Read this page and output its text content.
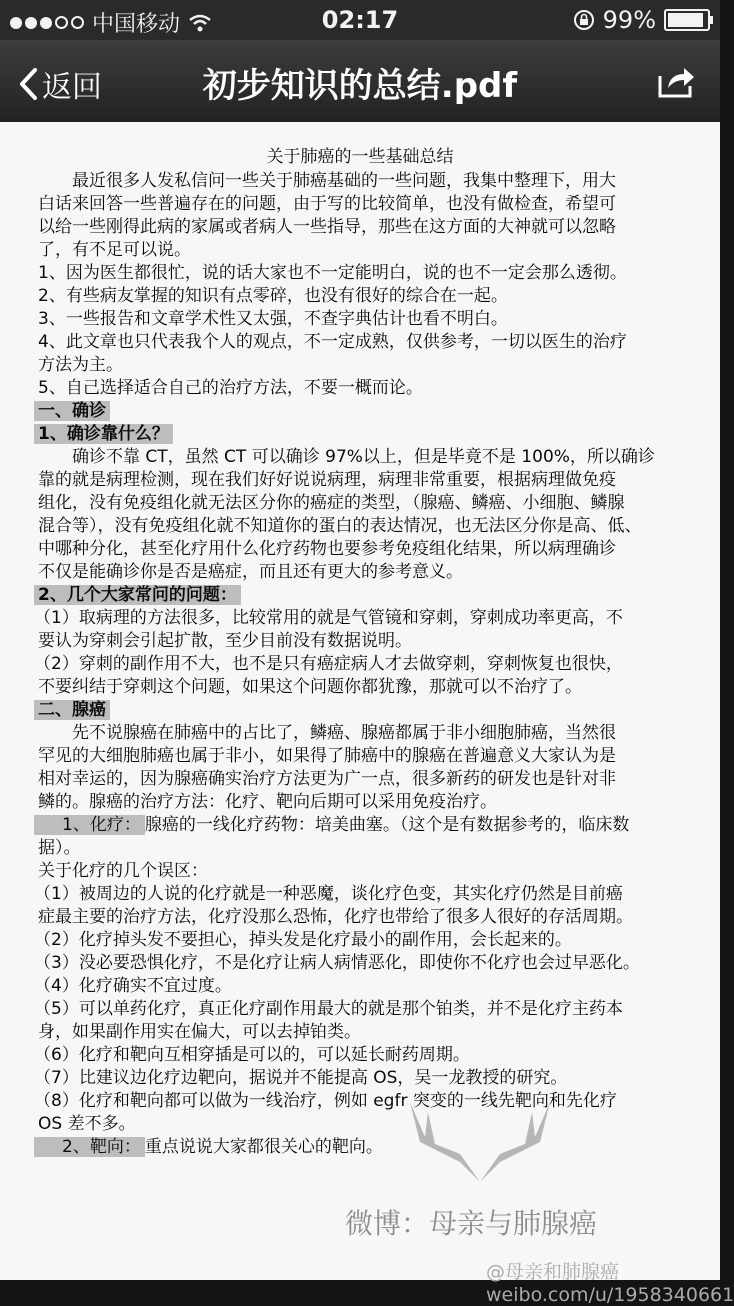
中国移动	02:17	99%
返回	初步知识的总结.pdf
关于肺癌的一些基础总结
最近很多人发私信问一些关于肺癌基础的一些问题，我集中整理下，用大
白话来回答一些普遍存在的问题，由于写的比较简单，也没有做检查，希望可
以给一些刚得此病的家属或者病人一些指导，那些在这方面的大神就可以忽略
了，有不足可以说。
1、因为医生都很忙，说的话大家也不一定能明白，说的也不一定会那么透彻。
2、有些病友掌握的知识有点零碎，也没有很好的综合在一起。
3、一些报告和文章学术性又太强，不查字典估计也看不明白。
4、此文章也只代表我个人的观点，不一定成熟，仅供参考，一切以医生的治疗
方法为主。
5、自己选择适合自己的治疗方法，不要一概而论。
一、确诊
1、确诊靠什么？
确诊不靠 CT，虽然 CT 可以确诊 97%以上，但是毕竟不是 100%，所以确诊
靠的就是病理检测，现在我们好好说说病理，病理非常重要，根据病理做免疫
组化，没有免疫组化就无法区分你的癌症的类型，（腺癌、鳞癌、小细胞、鳞腺
混合等），没有免疫组化就不知道你的蛋白的表达情况，也无法区分你是高、低、
中哪种分化，甚至化疗用什么化疗药物也要参考免疫组化结果，所以病理确诊
不仅是能确诊你是否是癌症，而且还有更大的参考意义。
2、几个大家常问的问题：
（1）取病理的方法很多，比较常用的就是气管镜和穿刺，穿刺成功率更高，不
要认为穿刺会引起扩散，至少目前没有数据说明。
（2）穿刺的副作用不大，也不是只有癌症病人才去做穿刺，穿刺恢复也很快，
不要纠结于穿刺这个问题，如果这个问题你都犹豫，那就可以不治疗了。
二、腺癌
先不说腺癌在肺癌中的占比了，鳞癌、腺癌都属于非小细胞肺癌，当然很
罕见的大细胞肺癌也属于非小，如果得了肺癌中的腺癌在普遍意义大家认为是
相对幸运的，因为腺癌确实治疗方法更为广一点，很多新药的研发也是针对非
鳞的。腺癌的治疗方法：化疗、靶向后期可以采用免疫治疗。
1、化疗： 腺癌的一线化疗药物：培美曲塞。（这个是有数据参考的，临床数
据）。
关于化疗的几个误区：
（1）被周边的人说的化疗就是一种恶魔，谈化疗色变，其实化疗仍然是目前癌
症最主要的治疗方法，化疗没那么恐怖，化疗也带给了很多人很好的存活周期。
（2）化疗掉头发不要担心，掉头发是化疗最小的副作用，会长起来的。
（3）没必要恐惧化疗，不是化疗让病人病情恶化，即使你不化疗也会过早恶化。
（4）化疗确实不宜过度。
（5）可以单药化疗，真正化疗副作用最大的就是那个铂类，并不是化疗主药本
身，如果副作用实在偏大，可以去掉铂类。
（6）化疗和靶向互相穿插是可以的，可以延长耐药周期。
（7）比建议边化疗边靶向，据说并不能提高 OS，吴一龙教授的研究。
（8）化疗和靶向都可以做为一线治疗，例如 egfr 突变的一线先靶向和先化疗
OS 差不多。
2、靶向： 重点说说大家都很关心的靶向。
微博：母亲与肺腺癌
@母亲和肺腺癌
weibo.com/u/1958340661
